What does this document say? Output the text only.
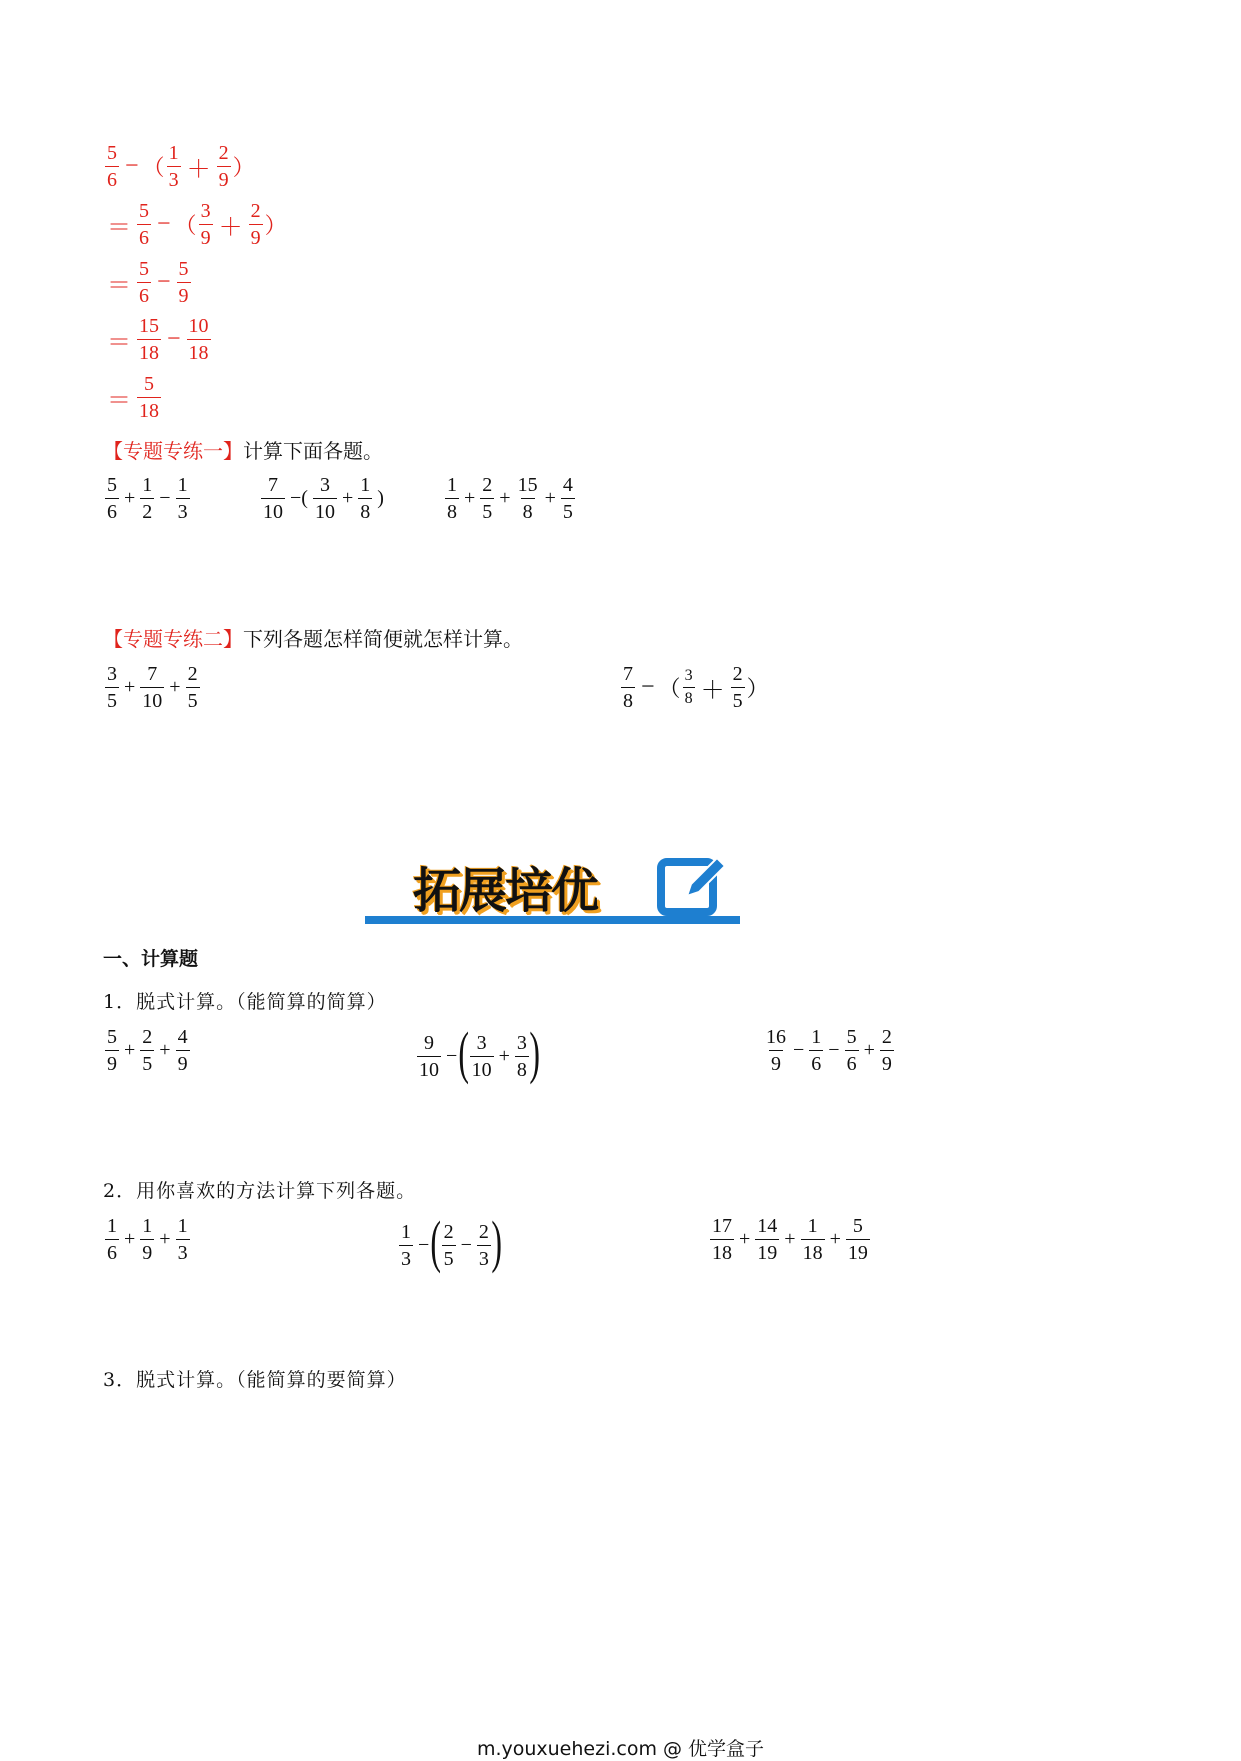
$\frac{5}{6}$ − （ $\frac{1}{3} + \frac{2}{9}$ ）
＝ $\frac{5}{6}$ − （ $\frac{3}{9} + \frac{2}{9}$ ）
＝ $\frac{5}{6} - \frac{5}{9}$
＝ $\frac{15}{18} - \frac{10}{18}$
＝ $\frac{5}{18}$
【专题专练一】计算下面各题。
$\frac{5}{6} + \frac{1}{2} - \frac{1}{3}$	$\frac{7}{10}$ −( $\frac{3}{10} + \frac{1}{8}$ )	$\frac{1}{8} + \frac{2}{5} + \frac{15}{8} + \frac{4}{5}$
【专题专练二】下列各题怎样简便就怎样计算。
$\frac{3}{5} + \frac{7}{10} + \frac{2}{5}$	$\frac{7}{8}$ − （ $\frac{3}{8} + \frac{2}{5}$ ）
拓展培优
一、计算题
1．脱式计算。（能简算的简算）
$\frac{5}{9} + \frac{2}{5} + \frac{4}{9}$	$\frac{9}{10}$ − ( $\frac{3}{10} + \frac{3}{8}$ )	$\frac{16}{9} - \frac{1}{6} - \frac{5}{6} + \frac{2}{9}$
2．用你喜欢的方法计算下列各题。
$\frac{1}{6} + \frac{1}{9} + \frac{1}{3}$	$\frac{1}{3}$ − ( $\frac{2}{5} - \frac{2}{3}$ )	$\frac{17}{18} + \frac{14}{19} + \frac{1}{18} + \frac{5}{19}$
3．脱式计算。（能简算的要简算）
m.youxuehezi.com @ 优学盒子
